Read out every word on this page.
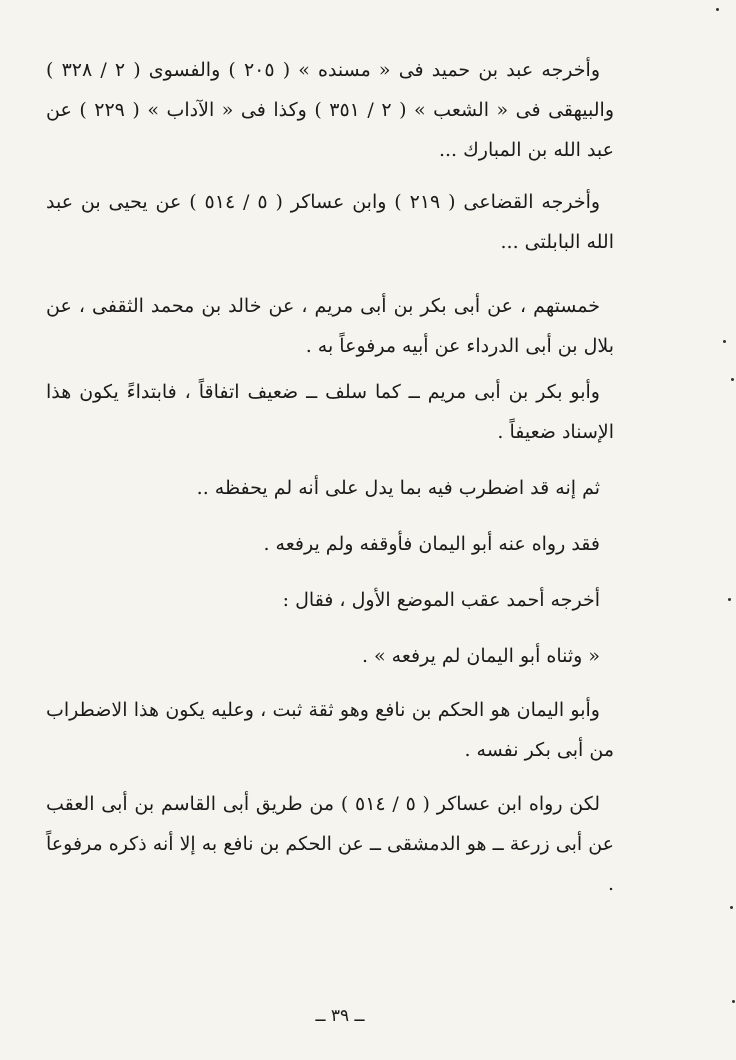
وأخرجه عبد بن حميد فى « مسنده » ( ٢٠٥ ) والفسوى ( ٢ / ٣٢٨ ) والبيهقى فى « الشعب » ( ٢ / ٣٥١ ) وكذا فى « الآداب » ( ٢٢٩ ) عن عبد الله بن المبارك ...

وأخرجه القضاعى ( ٢١٩ ) وابن عساكر ( ٥ / ٥١٤ ) عن يحيى بن عبد الله البابلتى ...

خمستهم ، عن أبى بكر بن أبى مريم ، عن خالد بن محمد الثقفى ، عن بلال بن أبى الدرداء عن أبيه مرفوعاً به .

وأبو بكر بن أبى مريم ــ كما سلف ــ ضعيف اتفاقاً ، فابتداءً يكون هذا الإسناد ضعيفاً .

ثم إنه قد اضطرب فيه بما يدل على أنه لم يحفظه ..

فقد رواه عنه أبو اليمان فأوقفه ولم يرفعه .

أخرجه أحمد عقب الموضع الأول ، فقال :

« وثناه أبو اليمان لم يرفعه » .

وأبو اليمان هو الحكم بن نافع وهو ثقة ثبت ، وعليه يكون هذا الاضطراب من أبى بكر نفسه .

لكن رواه ابن عساكر ( ٥ / ٥١٤ ) من طريق أبى القاسم بن أبى العقب عن أبى زرعة ــ هو الدمشقى ــ عن الحكم بن نافع به إلا أنه ذكره مرفوعاً .

ــ ٣٩ ــ
